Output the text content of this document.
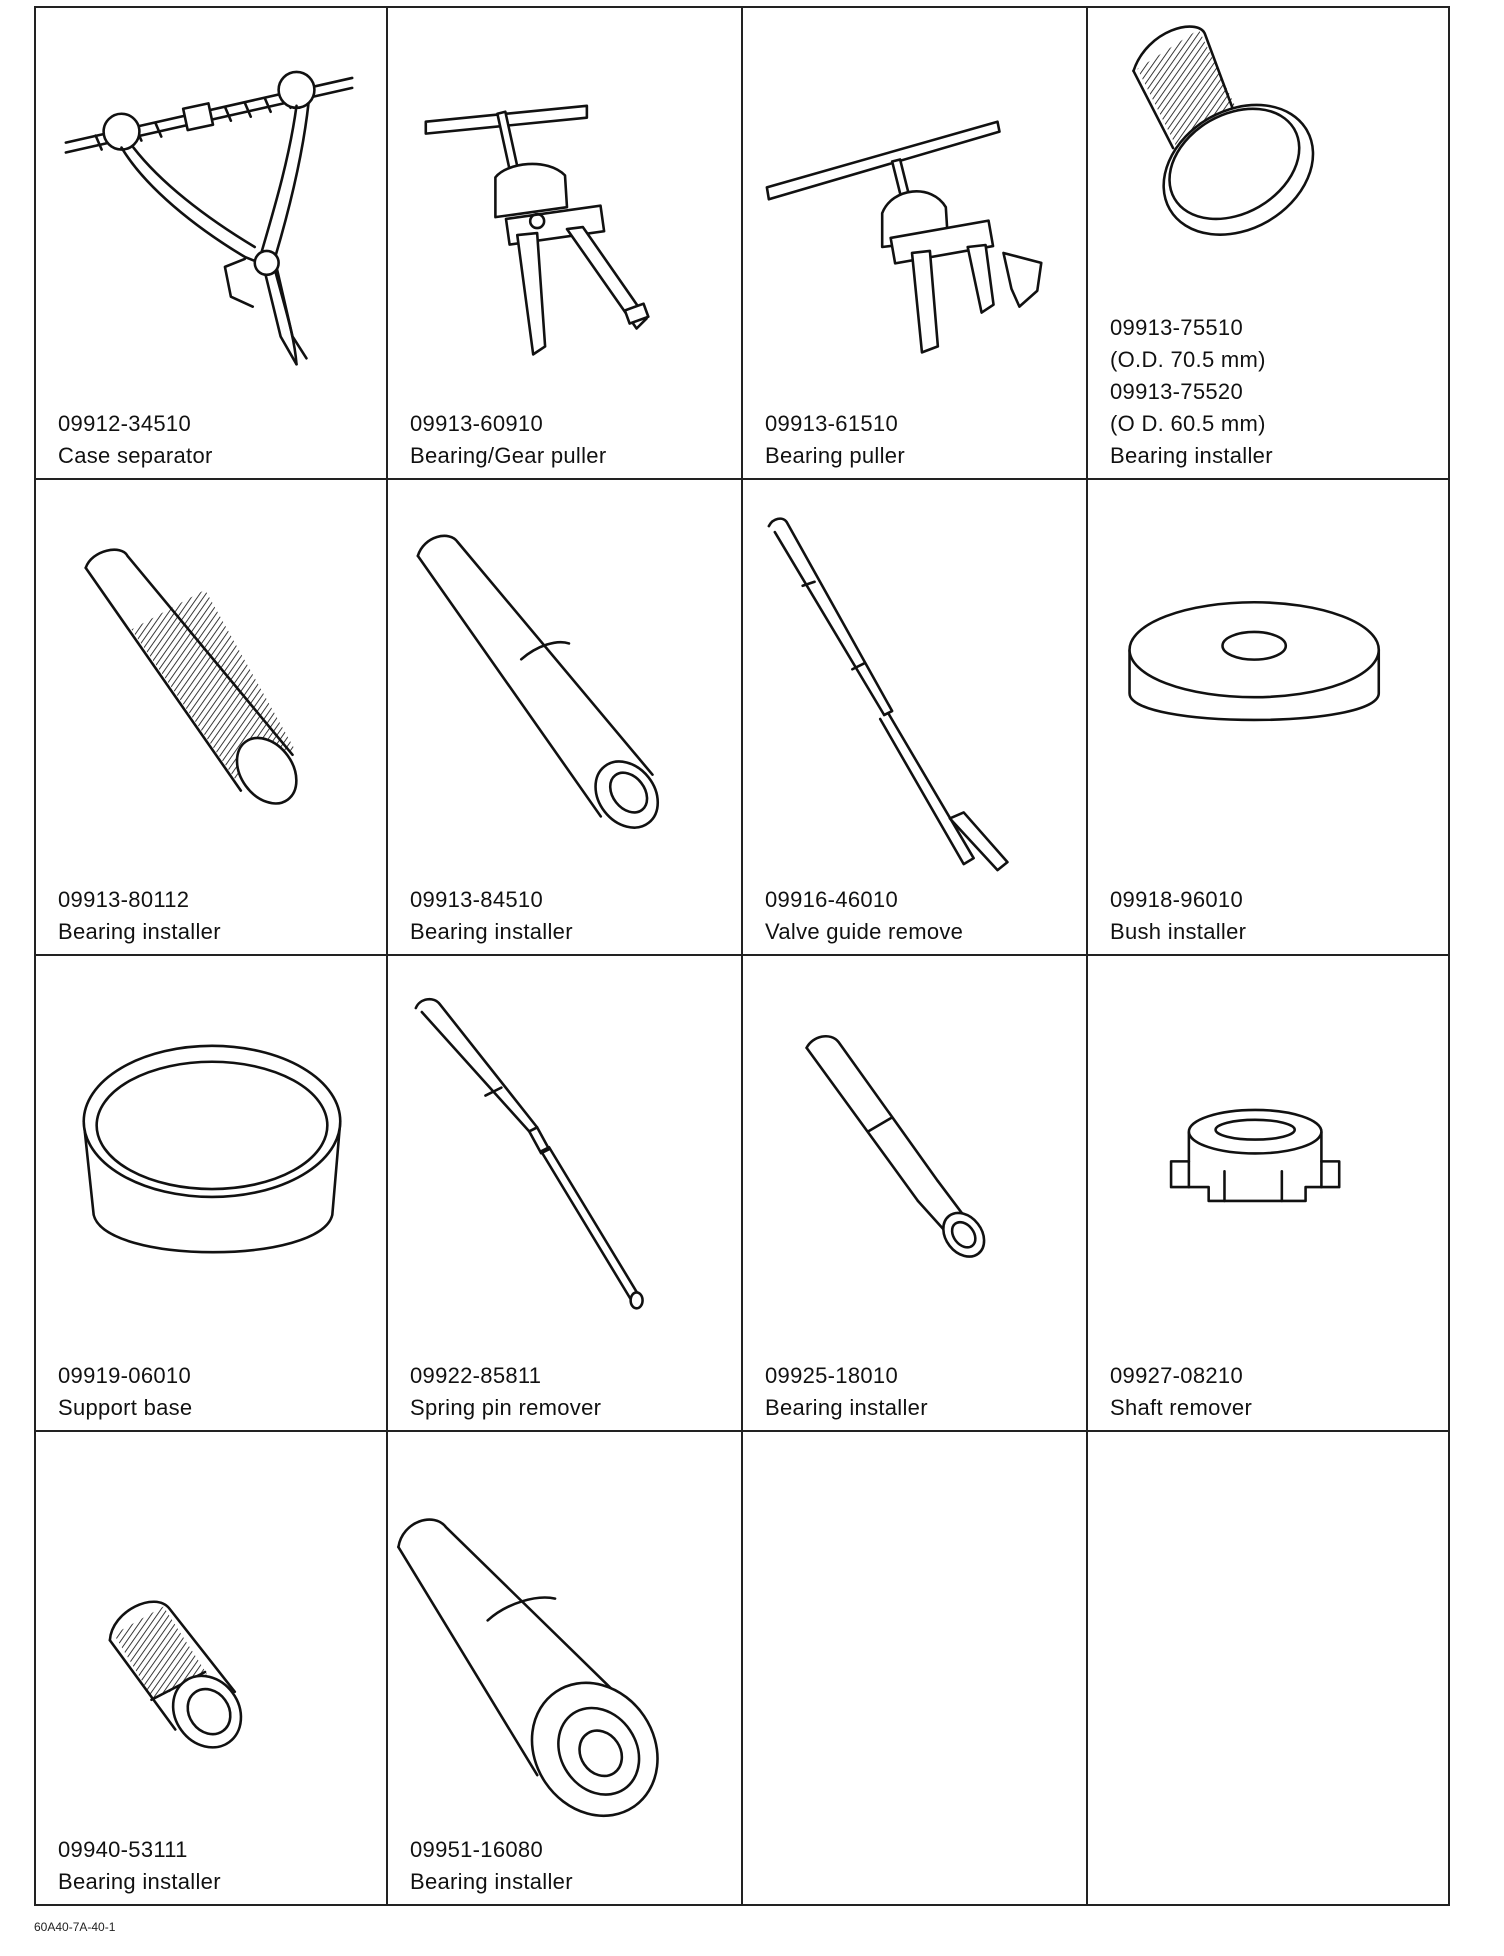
09912-34510
Case separator
09913-60910
Bearing/Gear puller
09913-61510
Bearing puller
09913-75510
(O.D. 70.5 mm)
09913-75520
(O D. 60.5 mm)
Bearing installer
09913-80112
Bearing installer
09913-84510
Bearing installer
09916-46010
Valve guide remove
09918-96010
Bush installer
09919-06010
Support base
09922-85811
Spring pin remover
09925-18010
Bearing installer
09927-08210
Shaft remover
09940-53111
Bearing installer
09951-16080
Bearing installer
60A40-7A-40-1
